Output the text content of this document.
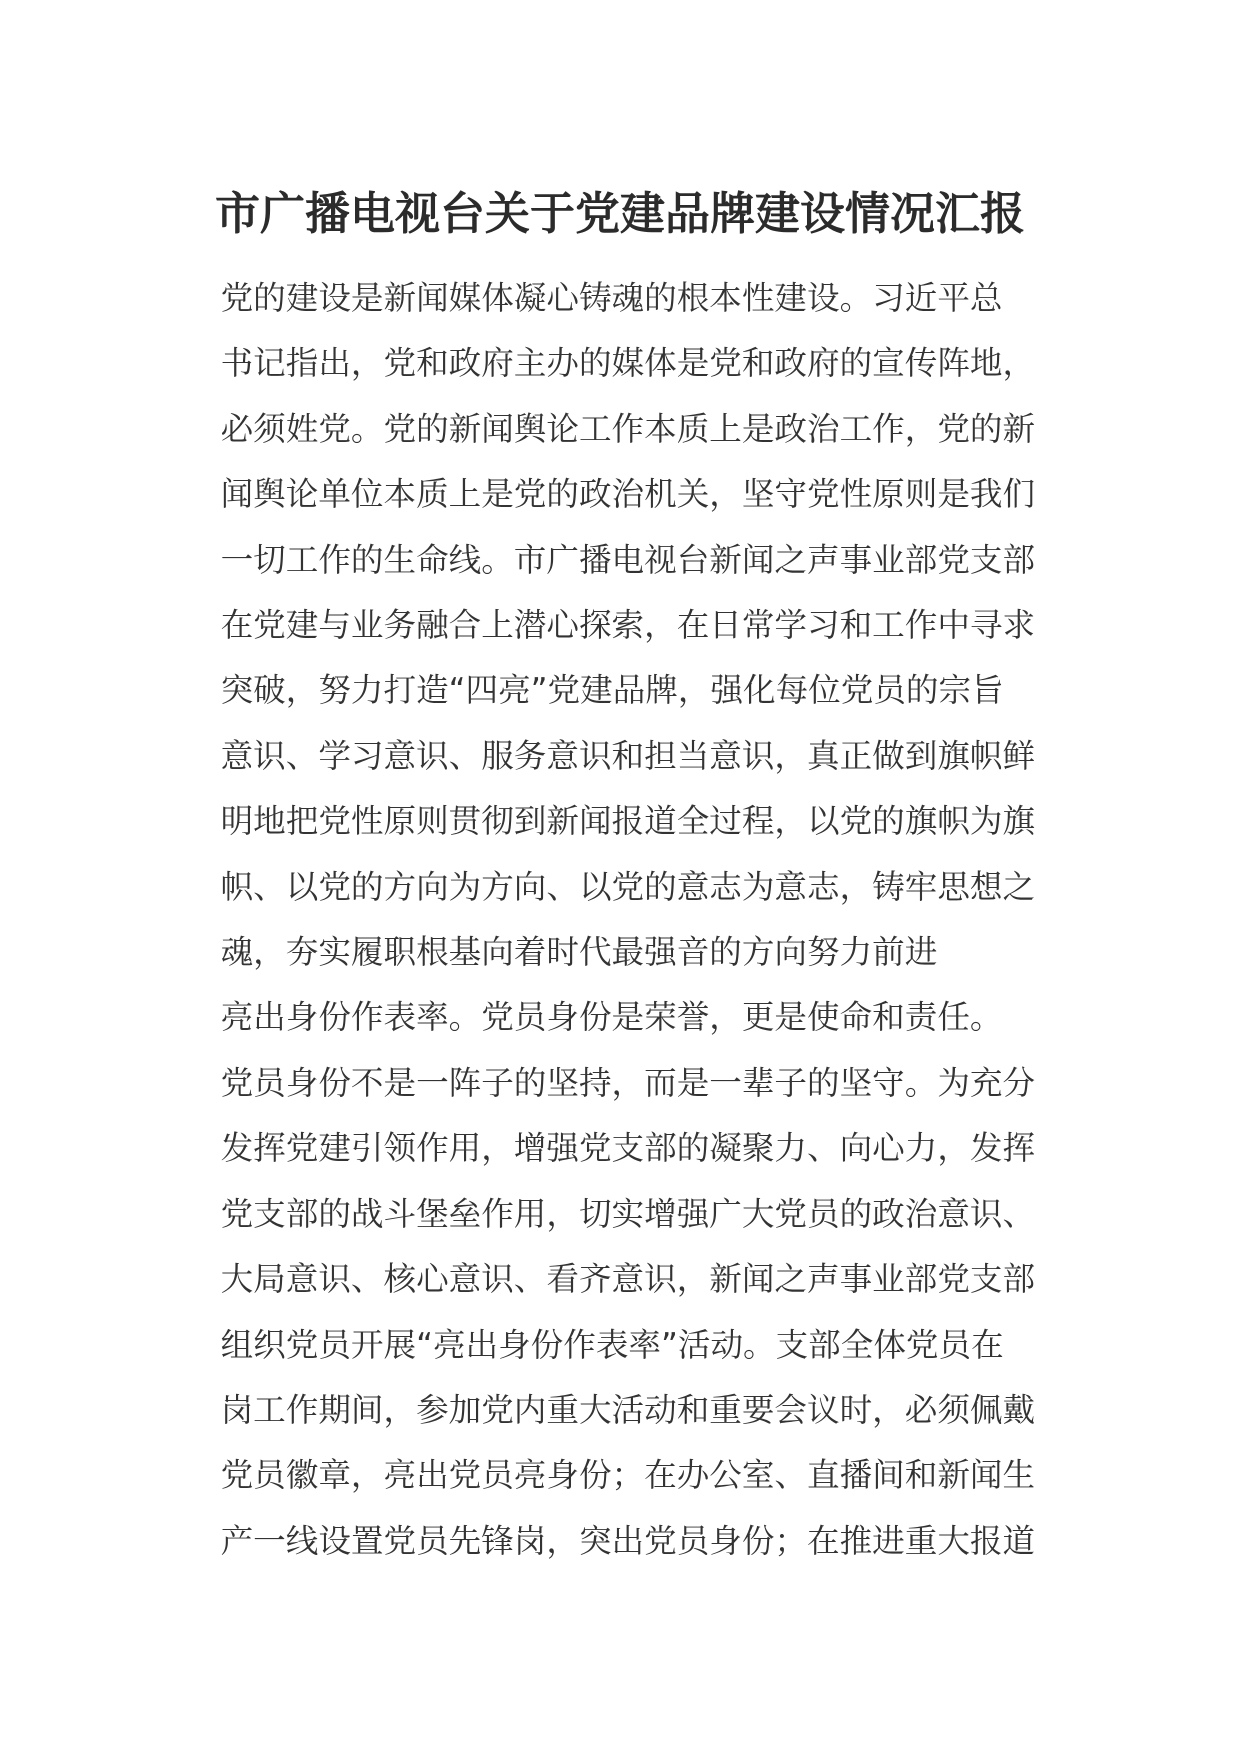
市广播电视台关于党建品牌建设情况汇报

党的建设是新闻媒体凝心铸魂的根本性建设。习近平总
书记指出，党和政府主办的媒体是党和政府的宣传阵地，
必须姓党。党的新闻舆论工作本质上是政治工作，党的新
闻舆论单位本质上是党的政治机关，坚守党性原则是我们
一切工作的生命线。市广播电视台新闻之声事业部党支部
在党建与业务融合上潜心探索，在日常学习和工作中寻求
突破，努力打造“四亮”党建品牌，强化每位党员的宗旨
意识、学习意识、服务意识和担当意识，真正做到旗帜鲜
明地把党性原则贯彻到新闻报道全过程，以党的旗帜为旗
帜、以党的方向为方向、以党的意志为意志，铸牢思想之
魂，夯实履职根基向着时代最强音的方向努力前进

亮出身份作表率。党员身份是荣誉，更是使命和责任。
党员身份不是一阵子的坚持，而是一辈子的坚守。为充分
发挥党建引领作用，增强党支部的凝聚力、向心力，发挥
党支部的战斗堡垒作用，切实增强广大党员的政治意识、
大局意识、核心意识、看齐意识，新闻之声事业部党支部
组织党员开展“亮出身份作表率”活动。支部全体党员在
岗工作期间，参加党内重大活动和重要会议时，必须佩戴
党员徽章，亮出党员亮身份；在办公室、直播间和新闻生
产一线设置党员先锋岗，突出党员身份；在推进重大报道
